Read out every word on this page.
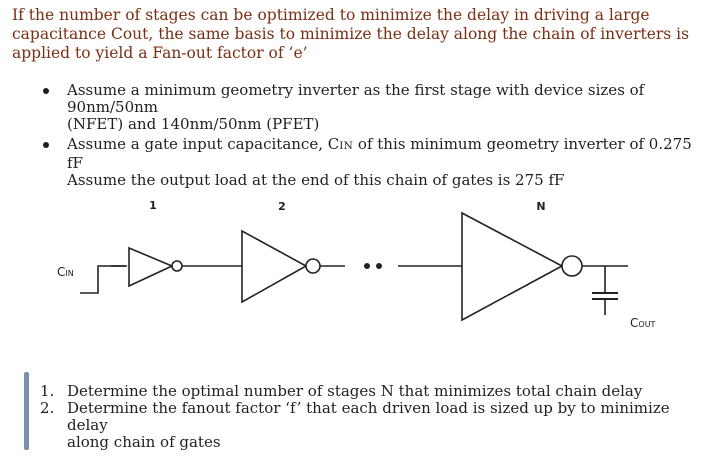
If the number of stages can be optimized to minimize the delay in driving a large capacitance Cout, the same basis to minimize the delay along the chain of inverters is applied to yield a Fan-out factor of ‘e’
Assume a minimum geometry inverter as the first stage with device sizes of 90nm/50nm
(NFET) and 140nm/50nm (PFET)
Assume a gate input capacitance, CIN of this minimum geometry inverter of 0.275 fF
Assume the output load at the end of this chain of gates is 275 fF
1	2	N
CIN
COUT
1. Determine the optimal number of stages N that minimizes total chain delay
2. Determine the fanout factor ‘f’ that each driven load is sized up by to minimize delay
along chain of gates
